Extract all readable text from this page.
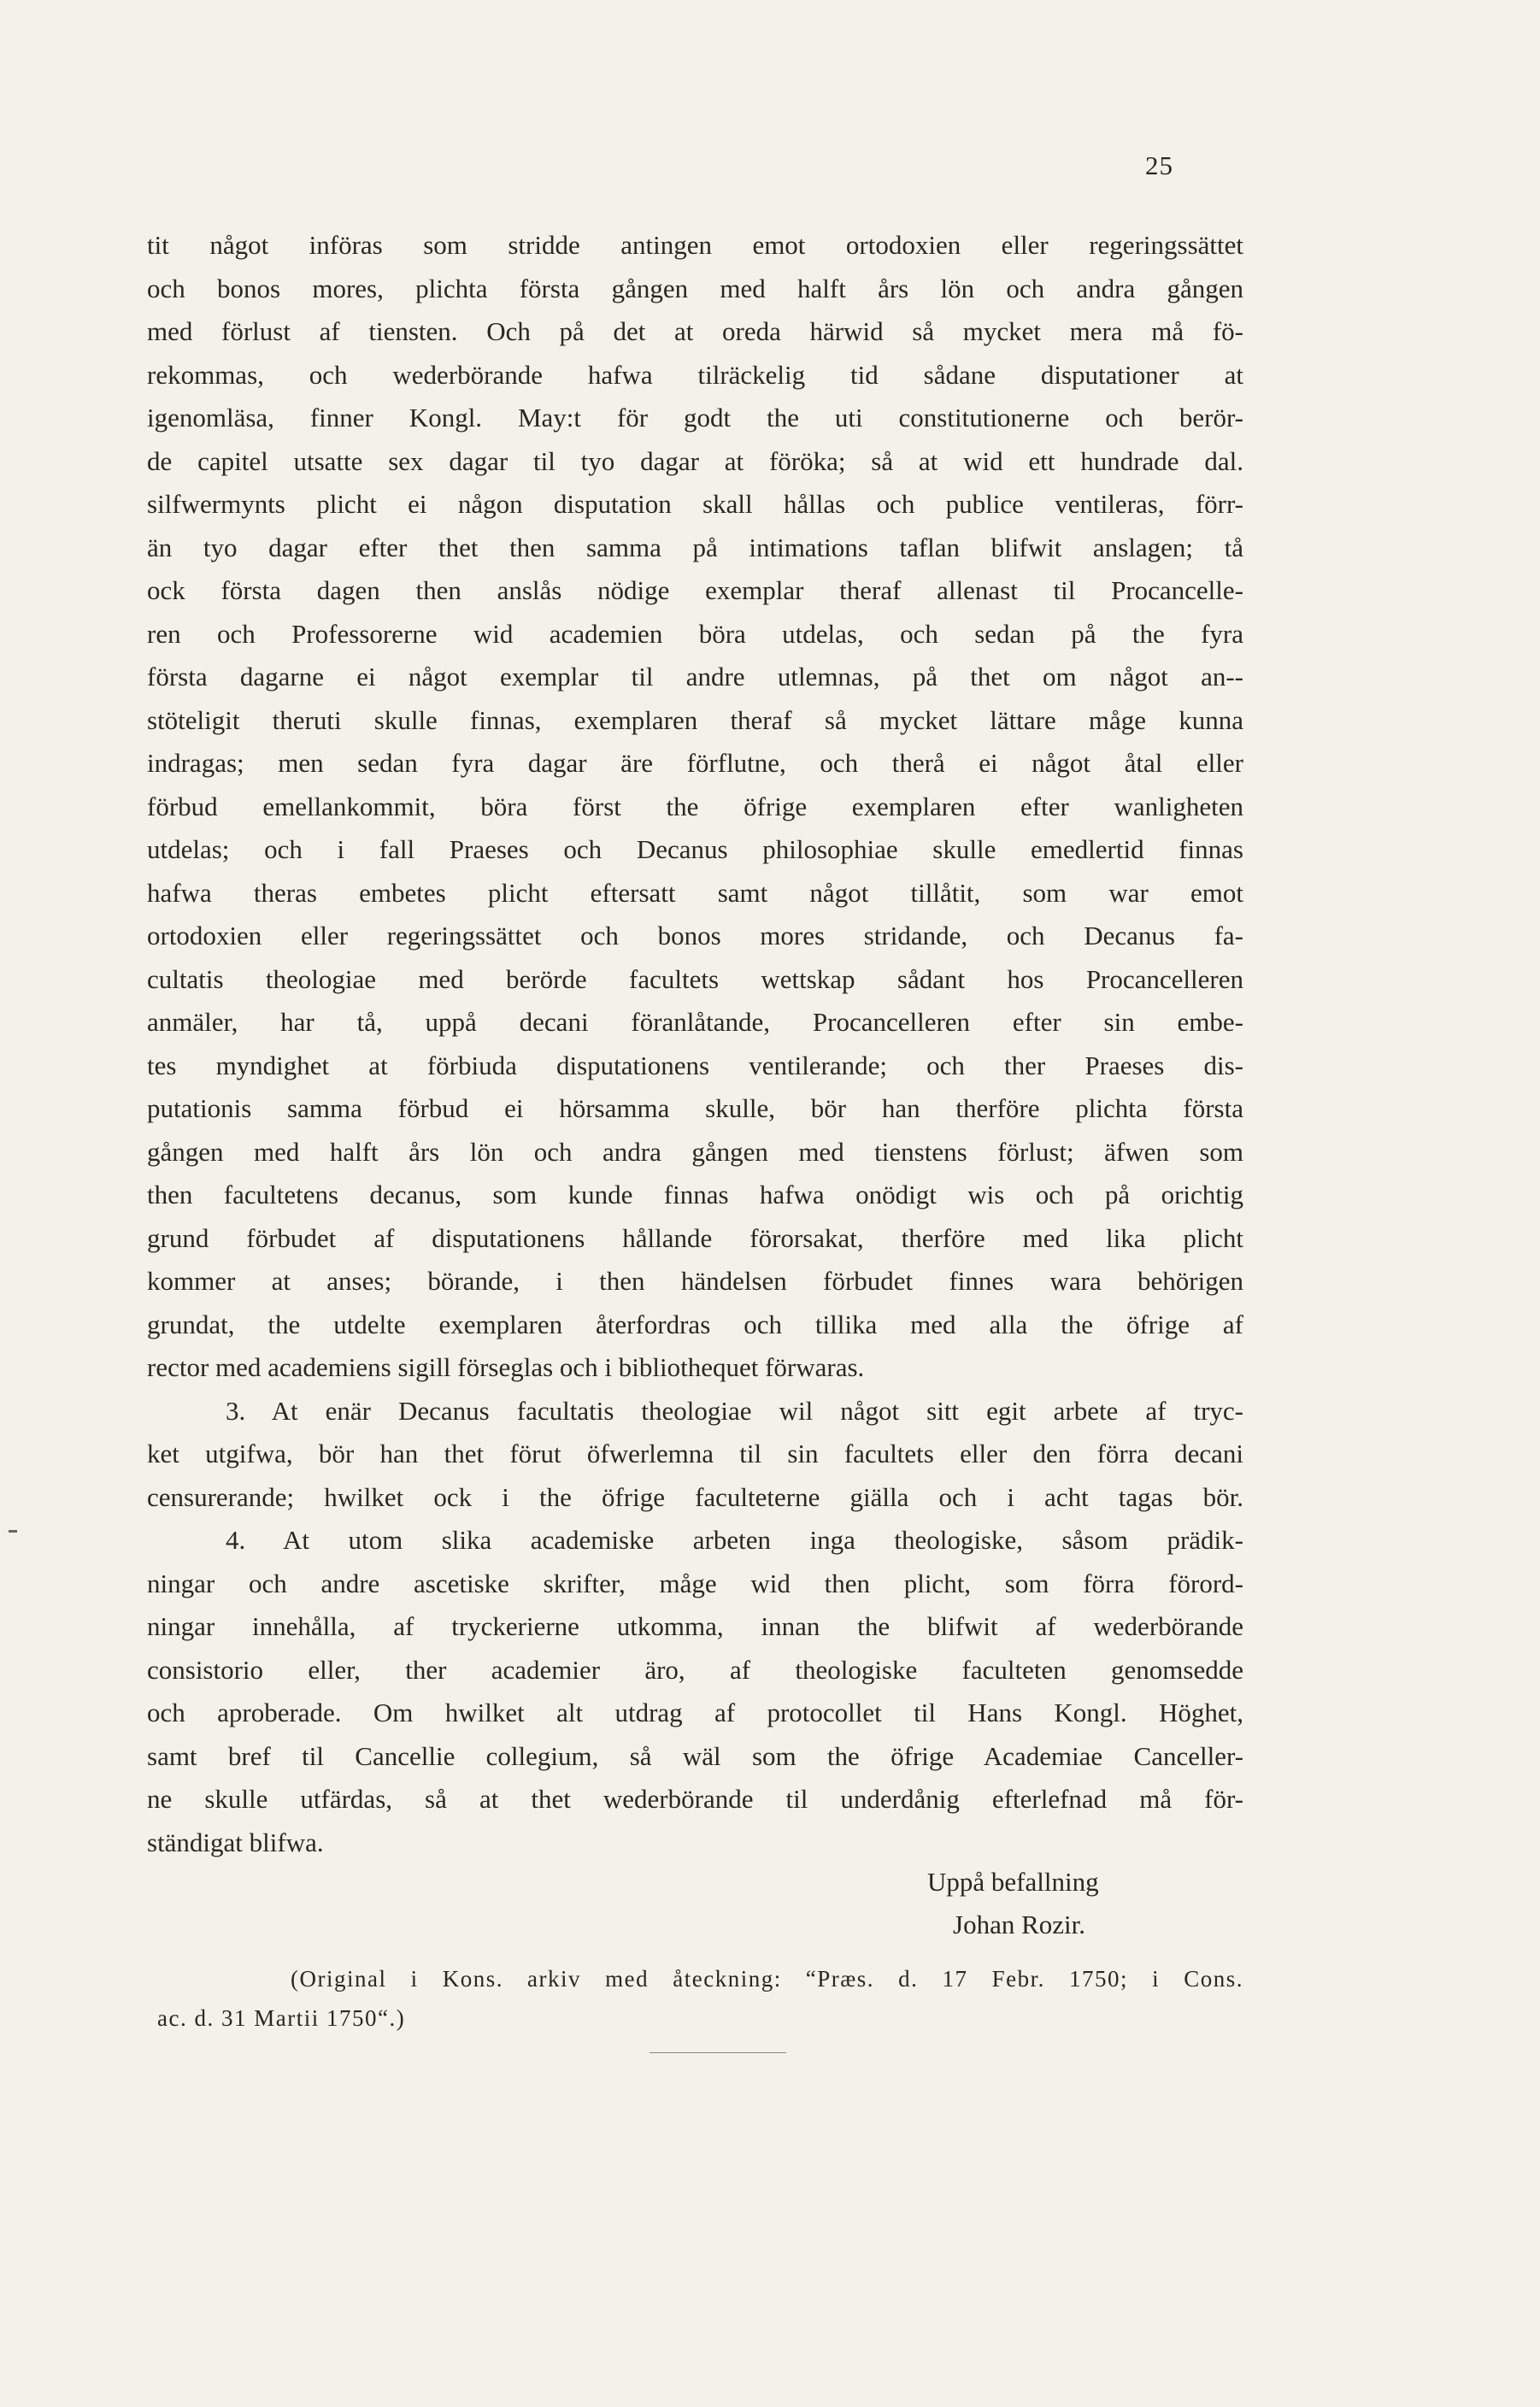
25
tit något införas som stridde antingen emot ortodoxien eller regeringssättet
och bonos mores, plichta första gången med halft års lön och andra gången
med förlust af tiensten. Och på det at oreda härwid så mycket mera må fö-
rekommas, och wederbörande hafwa tilräckelig tid sådane disputationer at
igenomläsa, finner Kongl. May:t för godt the uti constitutionerne och berör-
de capitel utsatte sex dagar til tyo dagar at föröka; så at wid ett hundrade dal.
silfwermynts plicht ei någon disputation skall hållas och publice ventileras, förr-
än tyo dagar efter thet then samma på intimations taflan blifwit anslagen; tå
ock första dagen then anslås nödige exemplar theraf allenast til Procancelle-
ren och Professorerne wid academien böra utdelas, och sedan på the fyra
första dagarne ei något exemplar til andre utlemnas, på thet om något an--
stöteligit theruti skulle finnas, exemplaren theraf så mycket lättare måge kunna
indragas; men sedan fyra dagar äre förflutne, och therå ei något åtal eller
förbud emellankommit, böra först the öfrige exemplaren efter wanligheten
utdelas; och i fall Praeses och Decanus philosophiae skulle emedlertid finnas
hafwa theras embetes plicht eftersatt samt något tillåtit, som war emot
ortodoxien eller regeringssättet och bonos mores stridande, och Decanus fa-
cultatis theologiae med berörde facultets wettskap sådant hos Procancelleren
anmäler, har tå, uppå decani föranlåtande, Procancelleren efter sin embe-
tes myndighet at förbiuda disputationens ventilerande; och ther Praeses dis-
putationis samma förbud ei hörsamma skulle, bör han therföre plichta första
gången med halft års lön och andra gången med tienstens förlust; äfwen som
then facultetens decanus, som kunde finnas hafwa onödigt wis och på orichtig
grund förbudet af disputationens hållande förorsakat, therföre med lika plicht
kommer at anses; börande, i then händelsen förbudet finnes wara behörigen
grundat, the utdelte exemplaren återfordras och tillika med alla the öfrige af
rector med academiens sigill förseglas och i bibliothequet förwaras.
3. At enär Decanus facultatis theologiae wil något sitt egit arbete af tryc-
ket utgifwa, bör han thet förut öfwerlemna til sin facultets eller den förra decani
censurerande; hwilket ock i the öfrige faculteterne giälla och i acht tagas bör.
4. At utom slika academiske arbeten inga theologiske, såsom prädik-
ningar och andre ascetiske skrifter, måge wid then plicht, som förra förord-
ningar innehålla, af tryckerierne utkomma, innan the blifwit af wederbörande
consistorio eller, ther academier äro, af theologiske faculteten genomsedde
och aproberade. Om hwilket alt utdrag af protocollet til Hans Kongl. Höghet,
samt bref til Cancellie collegium, så wäl som the öfrige Academiae Canceller-
ne skulle utfärdas, så at thet wederbörande til underdånig efterlefnad må för-
ständigat blifwa.
Uppå befallning
Johan Rozir.
(Original i Kons. arkiv med åteckning: “Præs. d. 17 Febr. 1750; i Cons.
ac. d. 31 Martii 1750“.)
